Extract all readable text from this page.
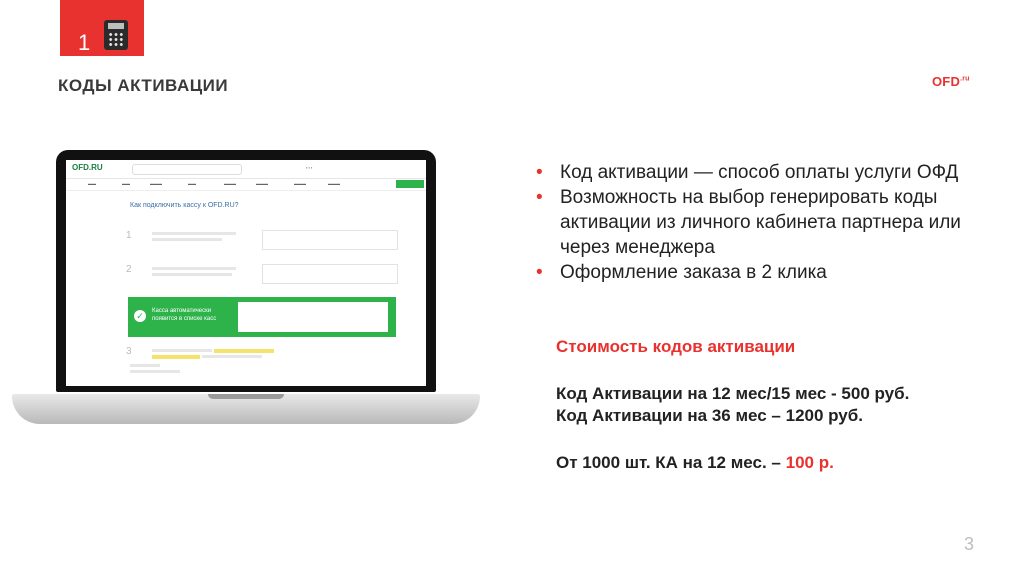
1
КОДЫ АКТИВАЦИИ	$OFD^{.ru}$
OFD.RU	▪ ▪ ▪
▬▬	▬▬	▬▬▬	▬▬	▬▬▬	▬▬▬	▬▬▬	▬▬▬
Как подключить кассу к OFD.RU?
1
2
✓	Касса автоматически появится в списке касс
3
• Код активации — способ оплаты услуги ОФД
• Возможность на выбор генерировать коды активации из личного кабинета партнера или через менеджера
• Оформление заказа в 2 клика
Стоимость кодов активации
Код Активации на 12 мес/15 мес - 500 руб.
Код Активации на 36 мес – 1200 руб.
От 1000 шт. КА на 12 мес. – 100 р.
3
